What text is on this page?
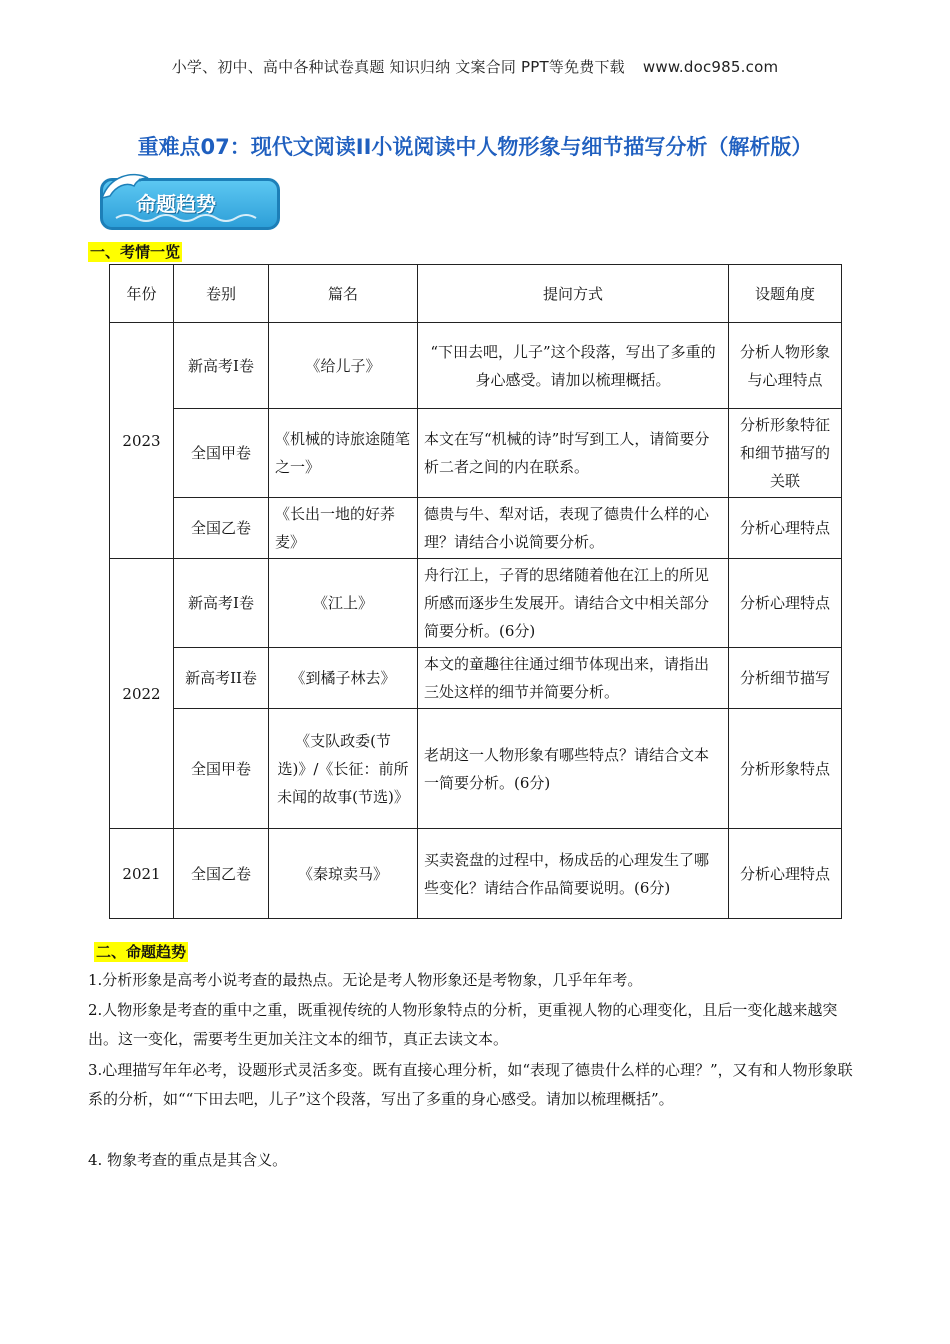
小学、初中、高中各种试卷真题 知识归纳 文案合同 PPT等免费下载 www.doc985.com
重难点07：现代文阅读II小说阅读中人物形象与细节描写分析（解析版）
命题趋势
一、考情一览
年份	卷别	篇名	提问方式	设题角度
2023	新高考Ⅰ卷	《给儿子》	“下田去吧，儿子”这个段落，写出了多重的身心感受。请加以梳理概括。	分析人物形象与心理特点
	全国甲卷	《机械的诗旅途随笔之一》	本文在写“机械的诗”时写到工人，请简要分析二者之间的内在联系。	分析形象特征和细节描写的关联
	全国乙卷	《长出一地的好荞麦》	德贵与牛、犁对话，表现了德贵什么样的心理？请结合小说简要分析。	分析心理特点
2022	新高考Ⅰ卷	《江上》	舟行江上，子胥的思绪随着他在江上的所见所感而逐步生发展开。请结合文中相关部分简要分析。(6分)	分析心理特点
	新高考II卷	《到橘子林去》	本文的童趣往往通过细节体现出来，请指出三处这样的细节并简要分析。	分析细节描写
	全国甲卷	《支队政委(节选)》/《长征：前所未闻的故事(节选)》	老胡这一人物形象有哪些特点？请结合文本一简要分析。(6分)	分析形象特点
2021	全国乙卷	《秦琼卖马》	买卖瓷盘的过程中，杨成岳的心理发生了哪些变化？请结合作品简要说明。(6分)	分析心理特点
二、命题趋势

1.分析形象是高考小说考查的最热点。无论是考人物形象还是考物象，几乎年年考。

2.人物形象是考查的重中之重，既重视传统的人物形象特点的分析，更重视人物的心理变化，且后一变化越来越突出。这一变化，需要考生更加关注文本的细节，真正去读文本。

3.心理描写年年必考，设题形式灵活多变。既有直接心理分析，如“表现了德贵什么样的心理？”，又有和人物形象联系的分析，如““下田去吧，儿子”这个段落，写出了多重的身心感受。请加以梳理概括”。

4. 物象考查的重点是其含义。
